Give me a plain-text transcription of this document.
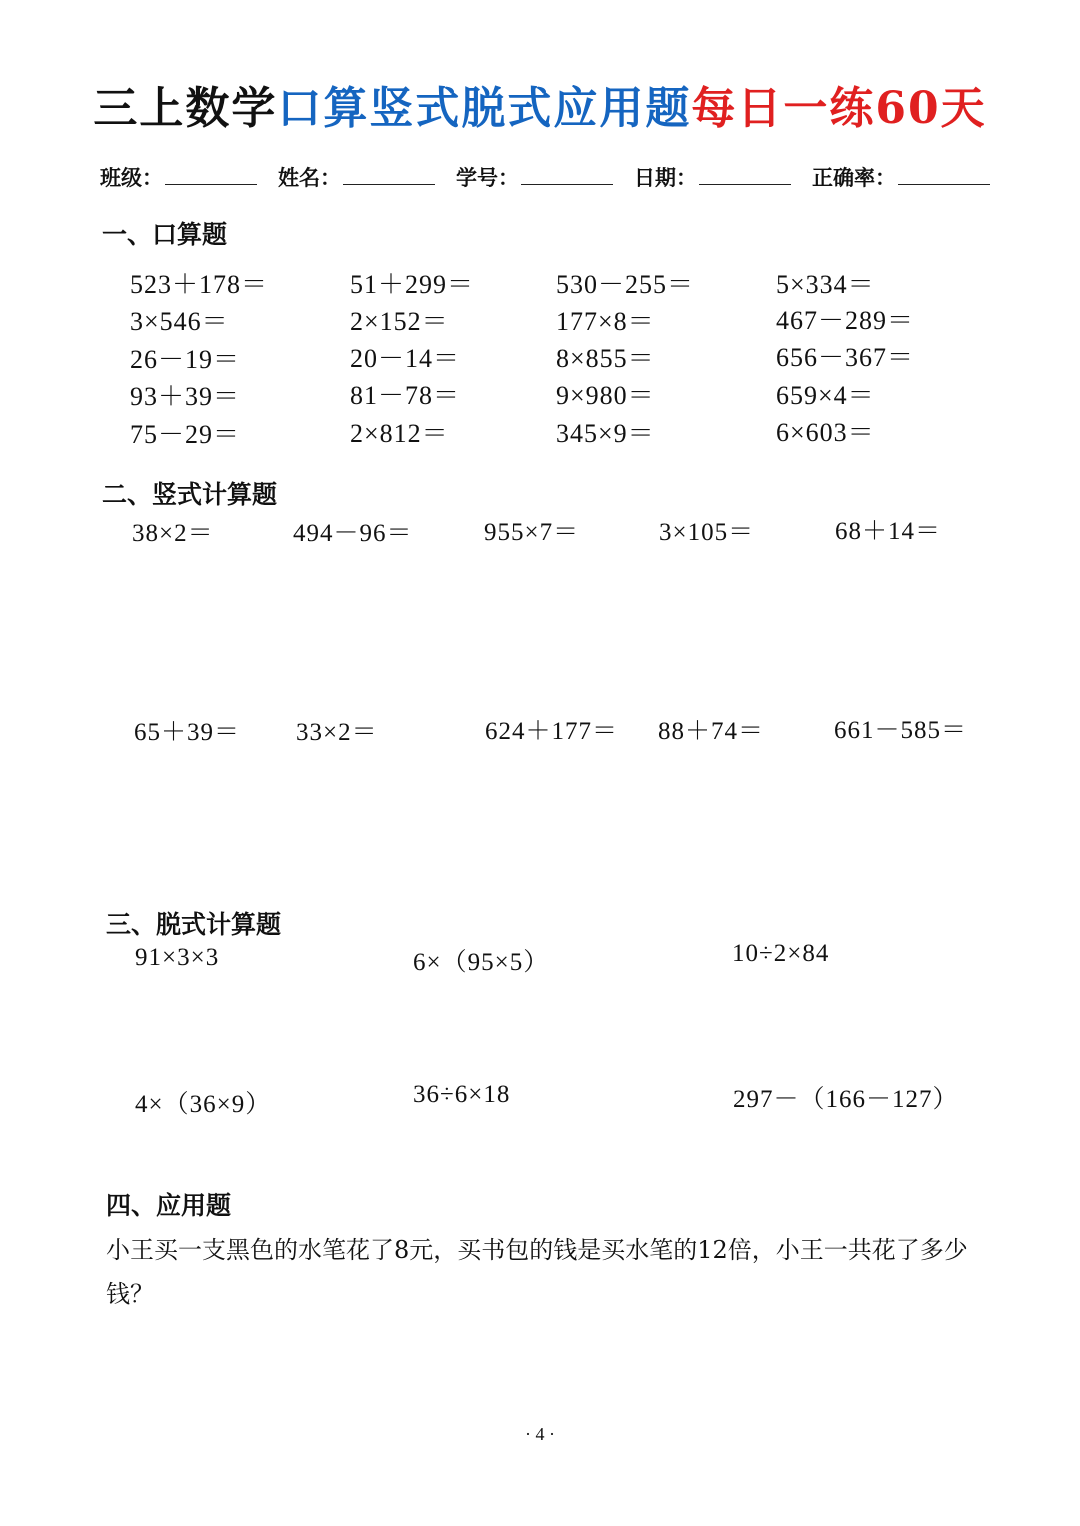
三上数学口算竖式脱式应用题每日一练60天
班级：	姓名：	学号：	日期：	正确率：
一、口算题
523＋178＝	51＋299＝	530－255＝	5×334＝
3×546＝	2×152＝	177×8＝	467－289＝
26－19＝	20－14＝	8×855＝	656－367＝
93＋39＝	81－78＝	9×980＝	659×4＝
75－29＝	2×812＝	345×9＝	6×603＝
二、竖式计算题
38×2＝	494－96＝	955×7＝	3×105＝	68＋14＝
65＋39＝ 33×2＝	624＋177＝ 88＋74＝	661－585＝
三、脱式计算题
91×3×3	6×（95×5）	10÷2×84
4×（36×9）	36÷6×18	297－（166－127）
四、应用题
小王买一支黑色的水笔花了8元，买书包的钱是买水笔的12倍，小王一共花了多少钱？
· 4 ·
